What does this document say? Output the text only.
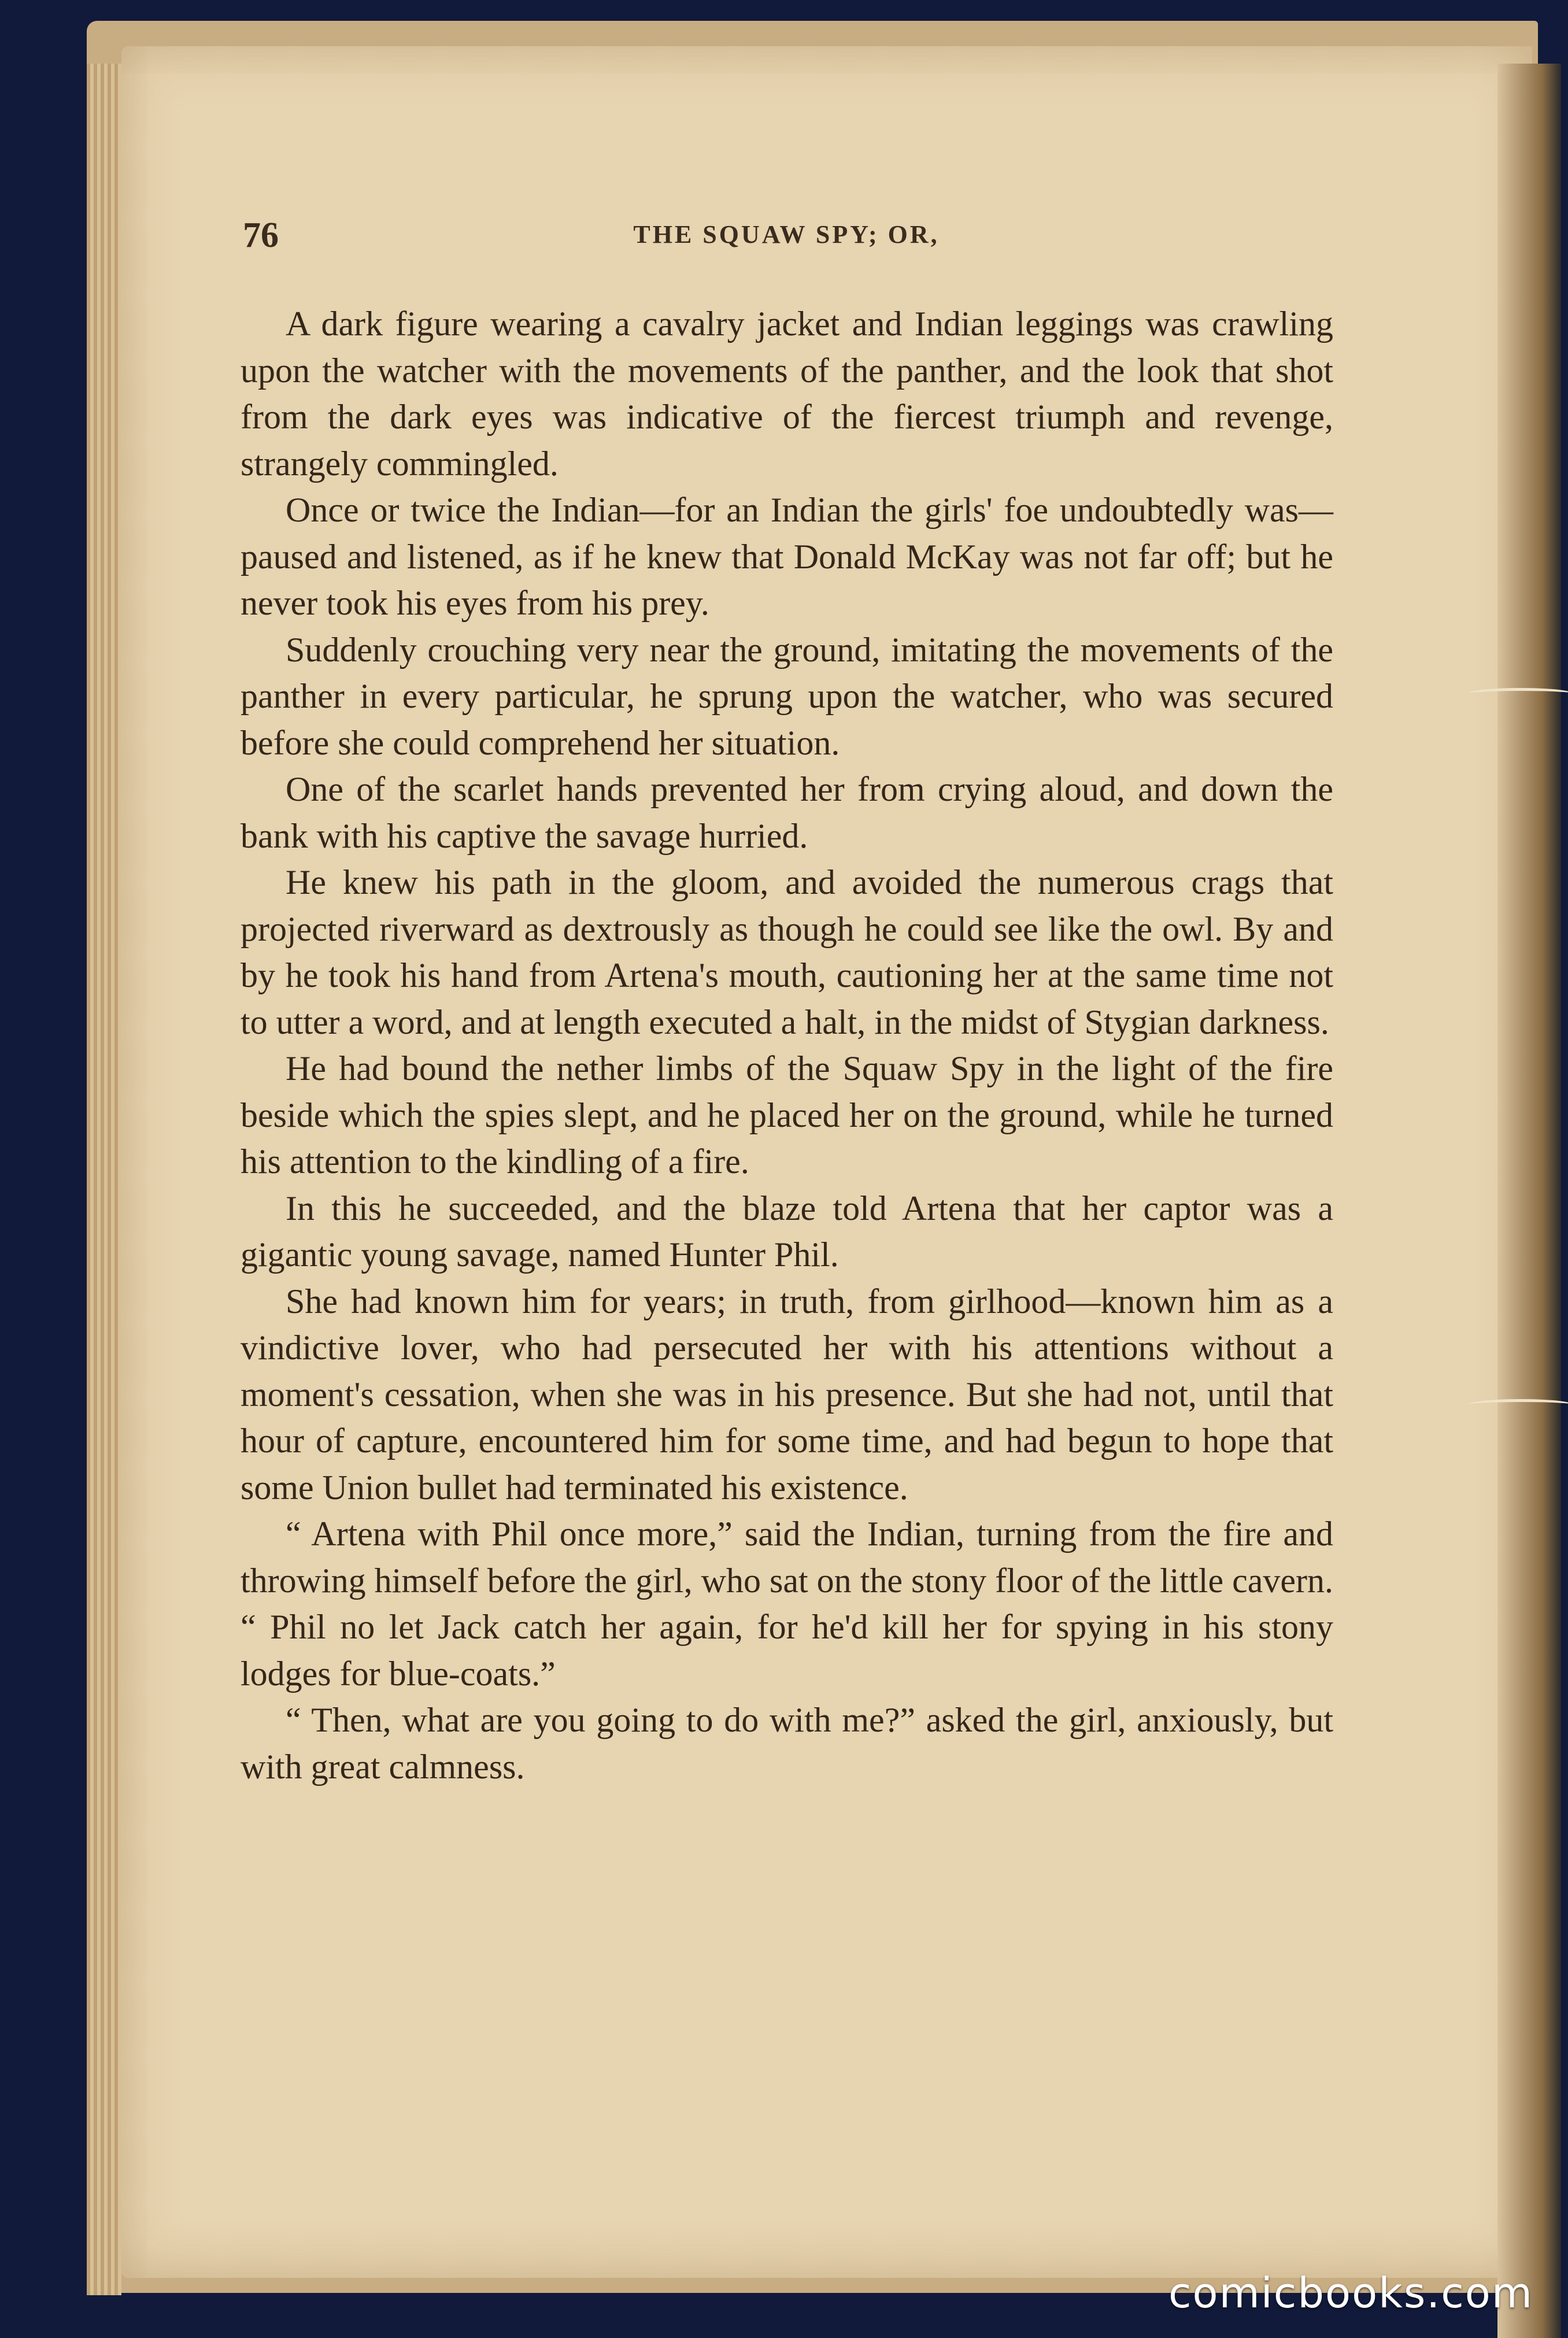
76	THE SQUAW SPY; OR,

A dark figure wearing a cavalry jacket and Indian leggings was crawling upon the watcher with the movements of the panther, and the look that shot from the dark eyes was indicative of the fiercest triumph and revenge, strangely commingled.

Once or twice the Indian—for an Indian the girls' foe undoubtedly was—paused and listened, as if he knew that Donald McKay was not far off; but he never took his eyes from his prey.

Suddenly crouching very near the ground, imitating the movements of the panther in every particular, he sprung upon the watcher, who was secured before she could comprehend her situation.

One of the scarlet hands prevented her from crying aloud, and down the bank with his captive the savage hurried.

He knew his path in the gloom, and avoided the numerous crags that projected riverward as dextrously as though he could see like the owl. By and by he took his hand from Artena's mouth, cautioning her at the same time not to utter a word, and at length executed a halt, in the midst of Stygian darkness.

He had bound the nether limbs of the Squaw Spy in the light of the fire beside which the spies slept, and he placed her on the ground, while he turned his attention to the kindling of a fire.

In this he succeeded, and the blaze told Artena that her captor was a gigantic young savage, named Hunter Phil.

She had known him for years; in truth, from girlhood—known him as a vindictive lover, who had persecuted her with his attentions without a moment's cessation, when she was in his presence. But she had not, until that hour of capture, encountered him for some time, and had begun to hope that some Union bullet had terminated his existence.

“ Artena with Phil once more,” said the Indian, turning from the fire and throwing himself before the girl, who sat on the stony floor of the little cavern. “ Phil no let Jack catch her again, for he'd kill her for spying in his stony lodges for blue-coats.”

“ Then, what are you going to do with me?” asked the girl, anxiously, but with great calmness.

comicbooks.com
